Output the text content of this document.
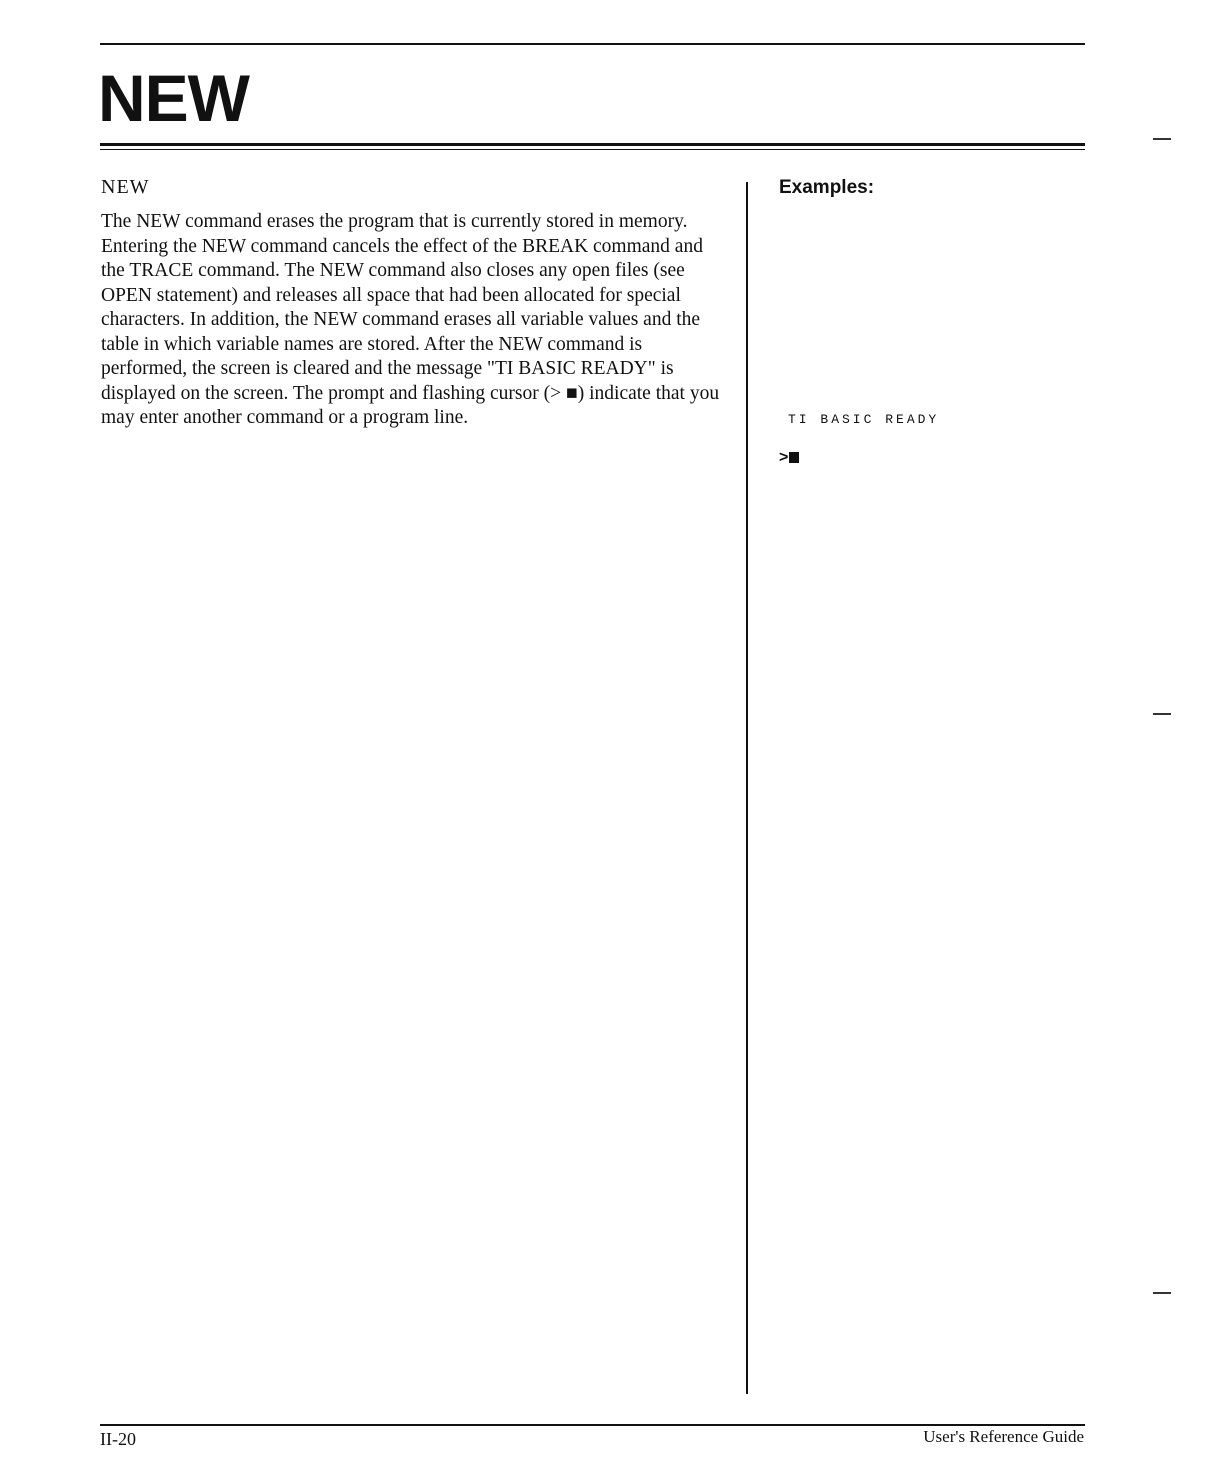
NEW
NEW

The NEW command erases the program that is currently stored in memory. Entering the NEW command cancels the effect of the BREAK command and the TRACE command. The NEW command also closes any open files (see OPEN statement) and releases all space that had been allocated for special characters. In addition, the NEW command erases all variable values and the table in which variable names are stored. After the NEW command is performed, the screen is cleared and the message "TI BASIC READY" is displayed on the screen. The prompt and flashing cursor (> ■) indicate that you may enter another command or a program line.

Examples:
TI BASIC READY
>
II-20	User's Reference Guide
